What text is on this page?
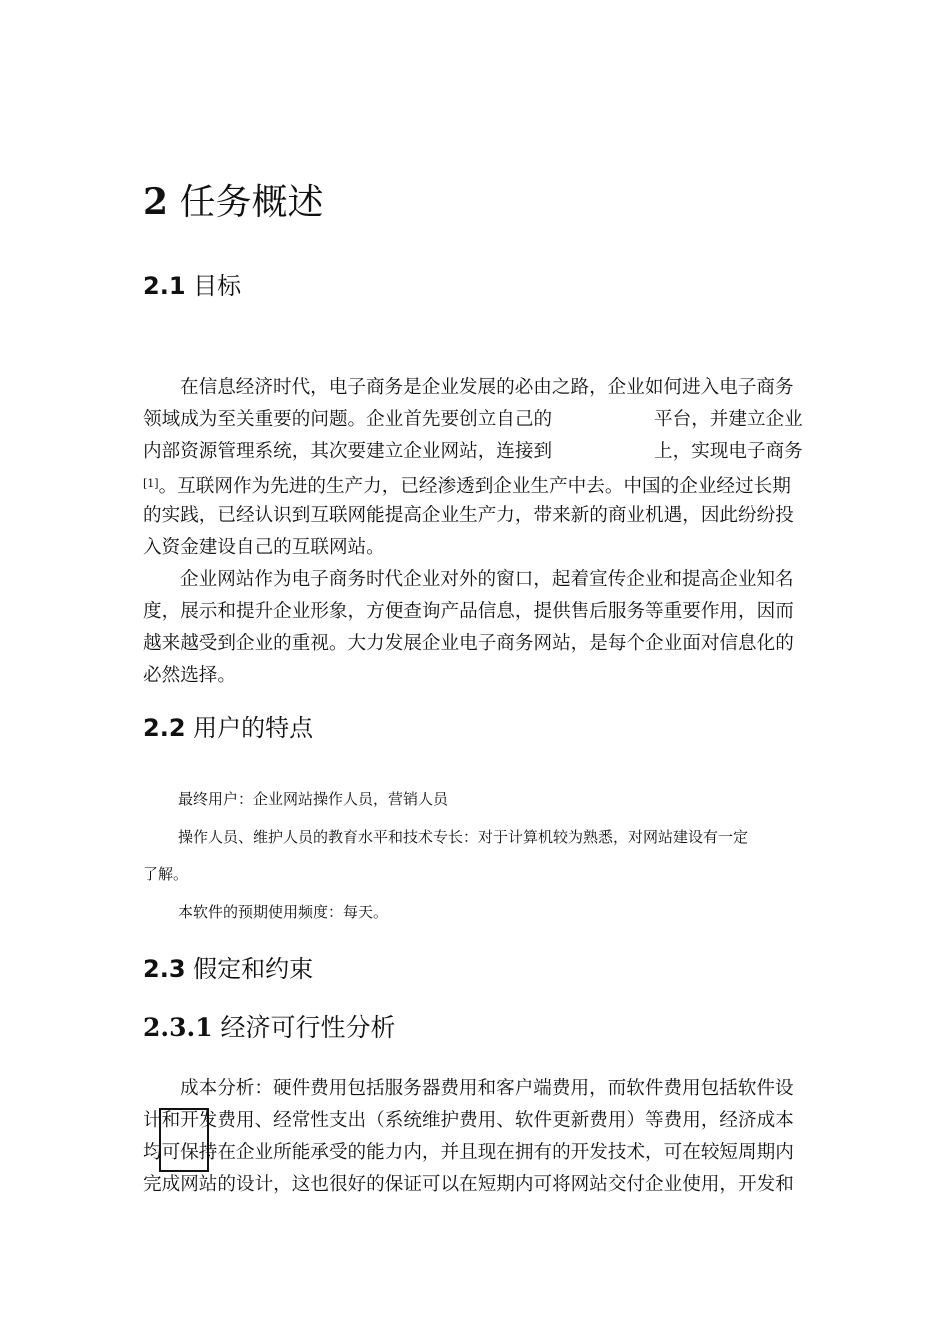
2 任务概述
2.1 目标
在信息经济时代，电子商务是企业发展的必由之路，企业如何进入电子商务
领域成为至关重要的问题。企业首先要创立自己的	平台，并建立企业
内部资源管理系统，其次要建立企业网站，连接到	上，实现电子商务
[1]。互联网作为先进的生产力，已经渗透到企业生产中去。中国的企业经过长期
的实践，已经认识到互联网能提高企业生产力，带来新的商业机遇，因此纷纷投
入资金建设自己的互联网站。
企业网站作为电子商务时代企业对外的窗口，起着宣传企业和提高企业知名
度，展示和提升企业形象，方便查询产品信息，提供售后服务等重要作用，因而
越来越受到企业的重视。大力发展企业电子商务网站，是每个企业面对信息化的
必然选择。
2.2 用户的特点
最终用户：企业网站操作人员，营销人员
操作人员、维护人员的教育水平和技术专长：对于计算机较为熟悉，对网站建设有一定
了解。
本软件的预期使用频度：每天。
2.3 假定和约束
2.3.1 经济可行性分析
成本分析：硬件费用包括服务器费用和客户端费用，而软件费用包括软件设
计和开发费用、经常性支出（系统维护费用、软件更新费用）等费用，经济成本
均可保持在企业所能承受的能力内，并且现在拥有的开发技术，可在较短周期内
完成网站的设计，这也很好的保证可以在短期内可将网站交付企业使用，开发和
